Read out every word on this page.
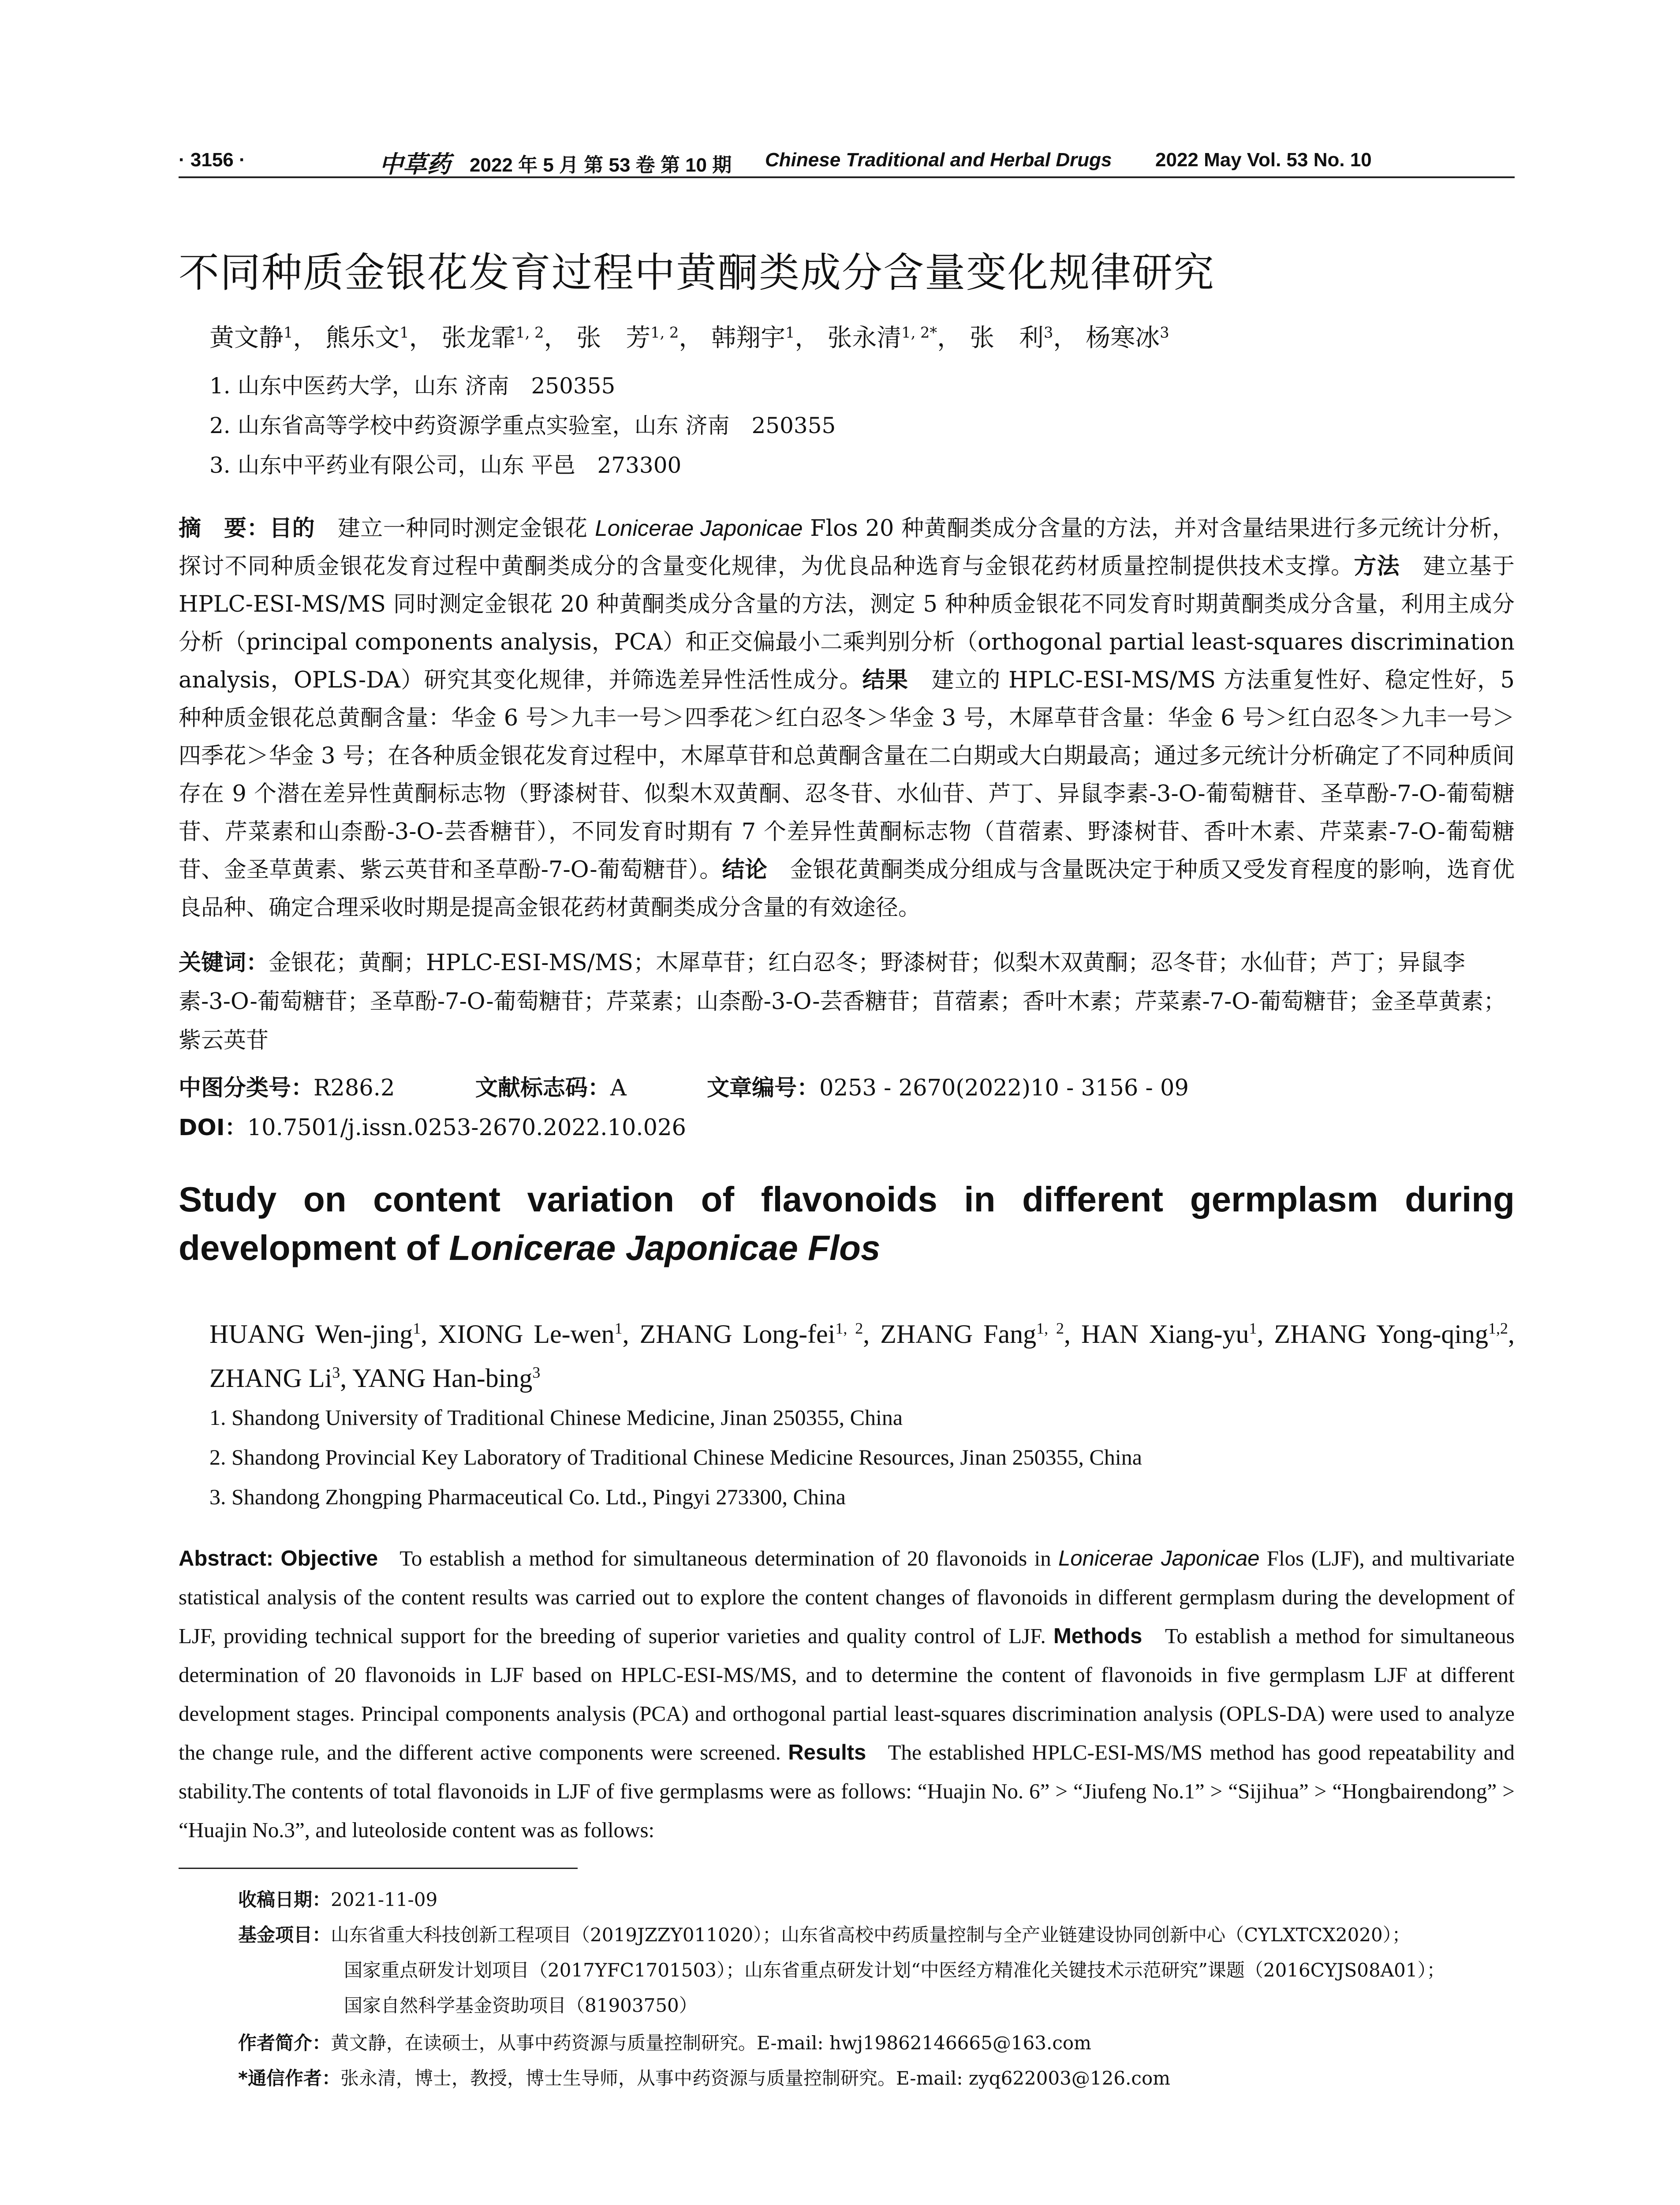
· 3156 ·	中草药 2022 年 5 月 第 53 卷 第 10 期 Chinese Traditional and Herbal Drugs 2022 May Vol. 53 No. 10
不同种质金银花发育过程中黄酮类成分含量变化规律研究
黄文静$^1$， 熊乐文$^1$， 张龙霏$^{1, 2}$， 张　芳$^{1, 2}$， 韩翔宇$^1$， 张永清$^{1, 2*}$， 张　利$^3$， 杨寒冰$^3$
1. 山东中医药大学，山东 济南　250355
2. 山东省高等学校中药资源学重点实验室，山东 济南　250355
3. 山东中平药业有限公司，山东 平邑　273300
摘　要：目的　 建立一种同时测定金银花 Lonicerae Japonicae Flos 20 种黄酮类成分含量的方法，并对含量结果进行多元统计分析，探讨不同种质金银花发育过程中黄酮类成分的含量变化规律，为优良品种选育与金银花药材质量控制提供技术支撑。方法　 建立基于 HPLC-ESI-MS/MS 同时测定金银花 20 种黄酮类成分含量的方法，测定 5 种种质金银花不同发育时期黄酮类成分含量，利用主成分分析（principal components analysis，PCA）和正交偏最小二乘判别分析（orthogonal partial least-squares discrimination analysis，OPLS-DA）研究其变化规律，并筛选差异性活性成分。结果　 建立的 HPLC-ESI-MS/MS 方法重复性好、稳定性好，5 种种质金银花总黄酮含量：华金 6 号＞九丰一号＞四季花＞红白忍冬＞华金 3 号，木犀草苷含量：华金 6 号＞红白忍冬＞九丰一号＞四季花＞华金 3 号；在各种质金银花发育过程中，木犀草苷和总黄酮含量在二白期或大白期最高；通过多元统计分析确定了不同种质间存在 9 个潜在差异性黄酮标志物（野漆树苷、似梨木双黄酮、忍冬苷、水仙苷、芦丁、异鼠李素-3-O-葡萄糖苷、圣草酚-7-O-葡萄糖苷、芹菜素和山柰酚-3-O-芸香糖苷），不同发育时期有 7 个差异性黄酮标志物（苜蓿素、野漆树苷、香叶木素、芹菜素-7-O-葡萄糖苷、金圣草黄素、紫云英苷和圣草酚-7-O-葡萄糖苷）。结论　 金银花黄酮类成分组成与含量既决定于种质又受发育程度的影响，选育优良品种、确定合理采收时期是提高金银花药材黄酮类成分含量的有效途径。
关键词：金银花；黄酮；HPLC-ESI-MS/MS；木犀草苷；红白忍冬；野漆树苷；似梨木双黄酮；忍冬苷；水仙苷；芦丁；异鼠李素-3-O-葡萄糖苷；圣草酚-7-O-葡萄糖苷；芹菜素；山柰酚-3-O-芸香糖苷；苜蓿素；香叶木素；芹菜素-7-O-葡萄糖苷；金圣草黄素；紫云英苷
中图分类号：R286.2	文献标志码：A	文章编号：0253 - 2670(2022)10 - 3156 - 09
DOI：10.7501/j.issn.0253-2670.2022.10.026
Study on content variation of flavonoids in different germplasm during development of Lonicerae Japonicae Flos
HUANG Wen-jing$^1$, XIONG Le-wen$^1$, ZHANG Long-fei$^{1, 2}$, ZHANG Fang$^{1, 2}$, HAN Xiang-$yu^1$, ZHANG Yong-qing$^{1,2}$, ZHANG Li$^3$, YANG Han-bing$^3$
1. Shandong University of Traditional Chinese Medicine, Jinan 250355, China
2. Shandong Provincial Key Laboratory of Traditional Chinese Medicine Resources, Jinan 250355, China
3. Shandong Zhongping Pharmaceutical Co. Ltd., Pingyi 273300, China
Abstract: Objective To establish a method for simultaneous determination of 20 flavonoids in Lonicerae Japonicae Flos (LJF), and multivariate statistical analysis of the content results was carried out to explore the content changes of flavonoids in different germplasm during the development of LJF, providing technical support for the breeding of superior varieties and quality control of LJF. Methods To establish a method for simultaneous determination of 20 flavonoids in LJF based on HPLC-ESI-MS/MS, and to determine the content of flavonoids in five germplasm LJF at different development stages. Principal components analysis (PCA) and orthogonal partial least-squares discrimination analysis (OPLS-DA) were used to analyze the change rule, and the different active components were screened. Results The established HPLC-ESI-MS/MS method has good repeatability and stability.The contents of total flavonoids in LJF of five germplasms were as follows: “Huajin No. 6” > “Jiufeng No.1” > “Sijihua” > “Hongbairendong” > “Huajin No.3”, and luteoloside content was as follows:
收稿日期：2021-11-09
基金项目：山东省重大科技创新工程项目（2019JZZY011020）；山东省高校中药质量控制与全产业链建设协同创新中心（CYLXTCX2020）；
国家重点研发计划项目（2017YFC1701503）；山东省重点研发计划“中医经方精准化关键技术示范研究”课题（2016CYJS08A01）；
国家自然科学基金资助项目（81903750）
作者简介：黄文静，在读硕士，从事中药资源与质量控制研究。E-mail: hwj19862146665@163.com
*通信作者：张永清，博士，教授，博士生导师，从事中药资源与质量控制研究。E-mail: zyq622003@126.com
